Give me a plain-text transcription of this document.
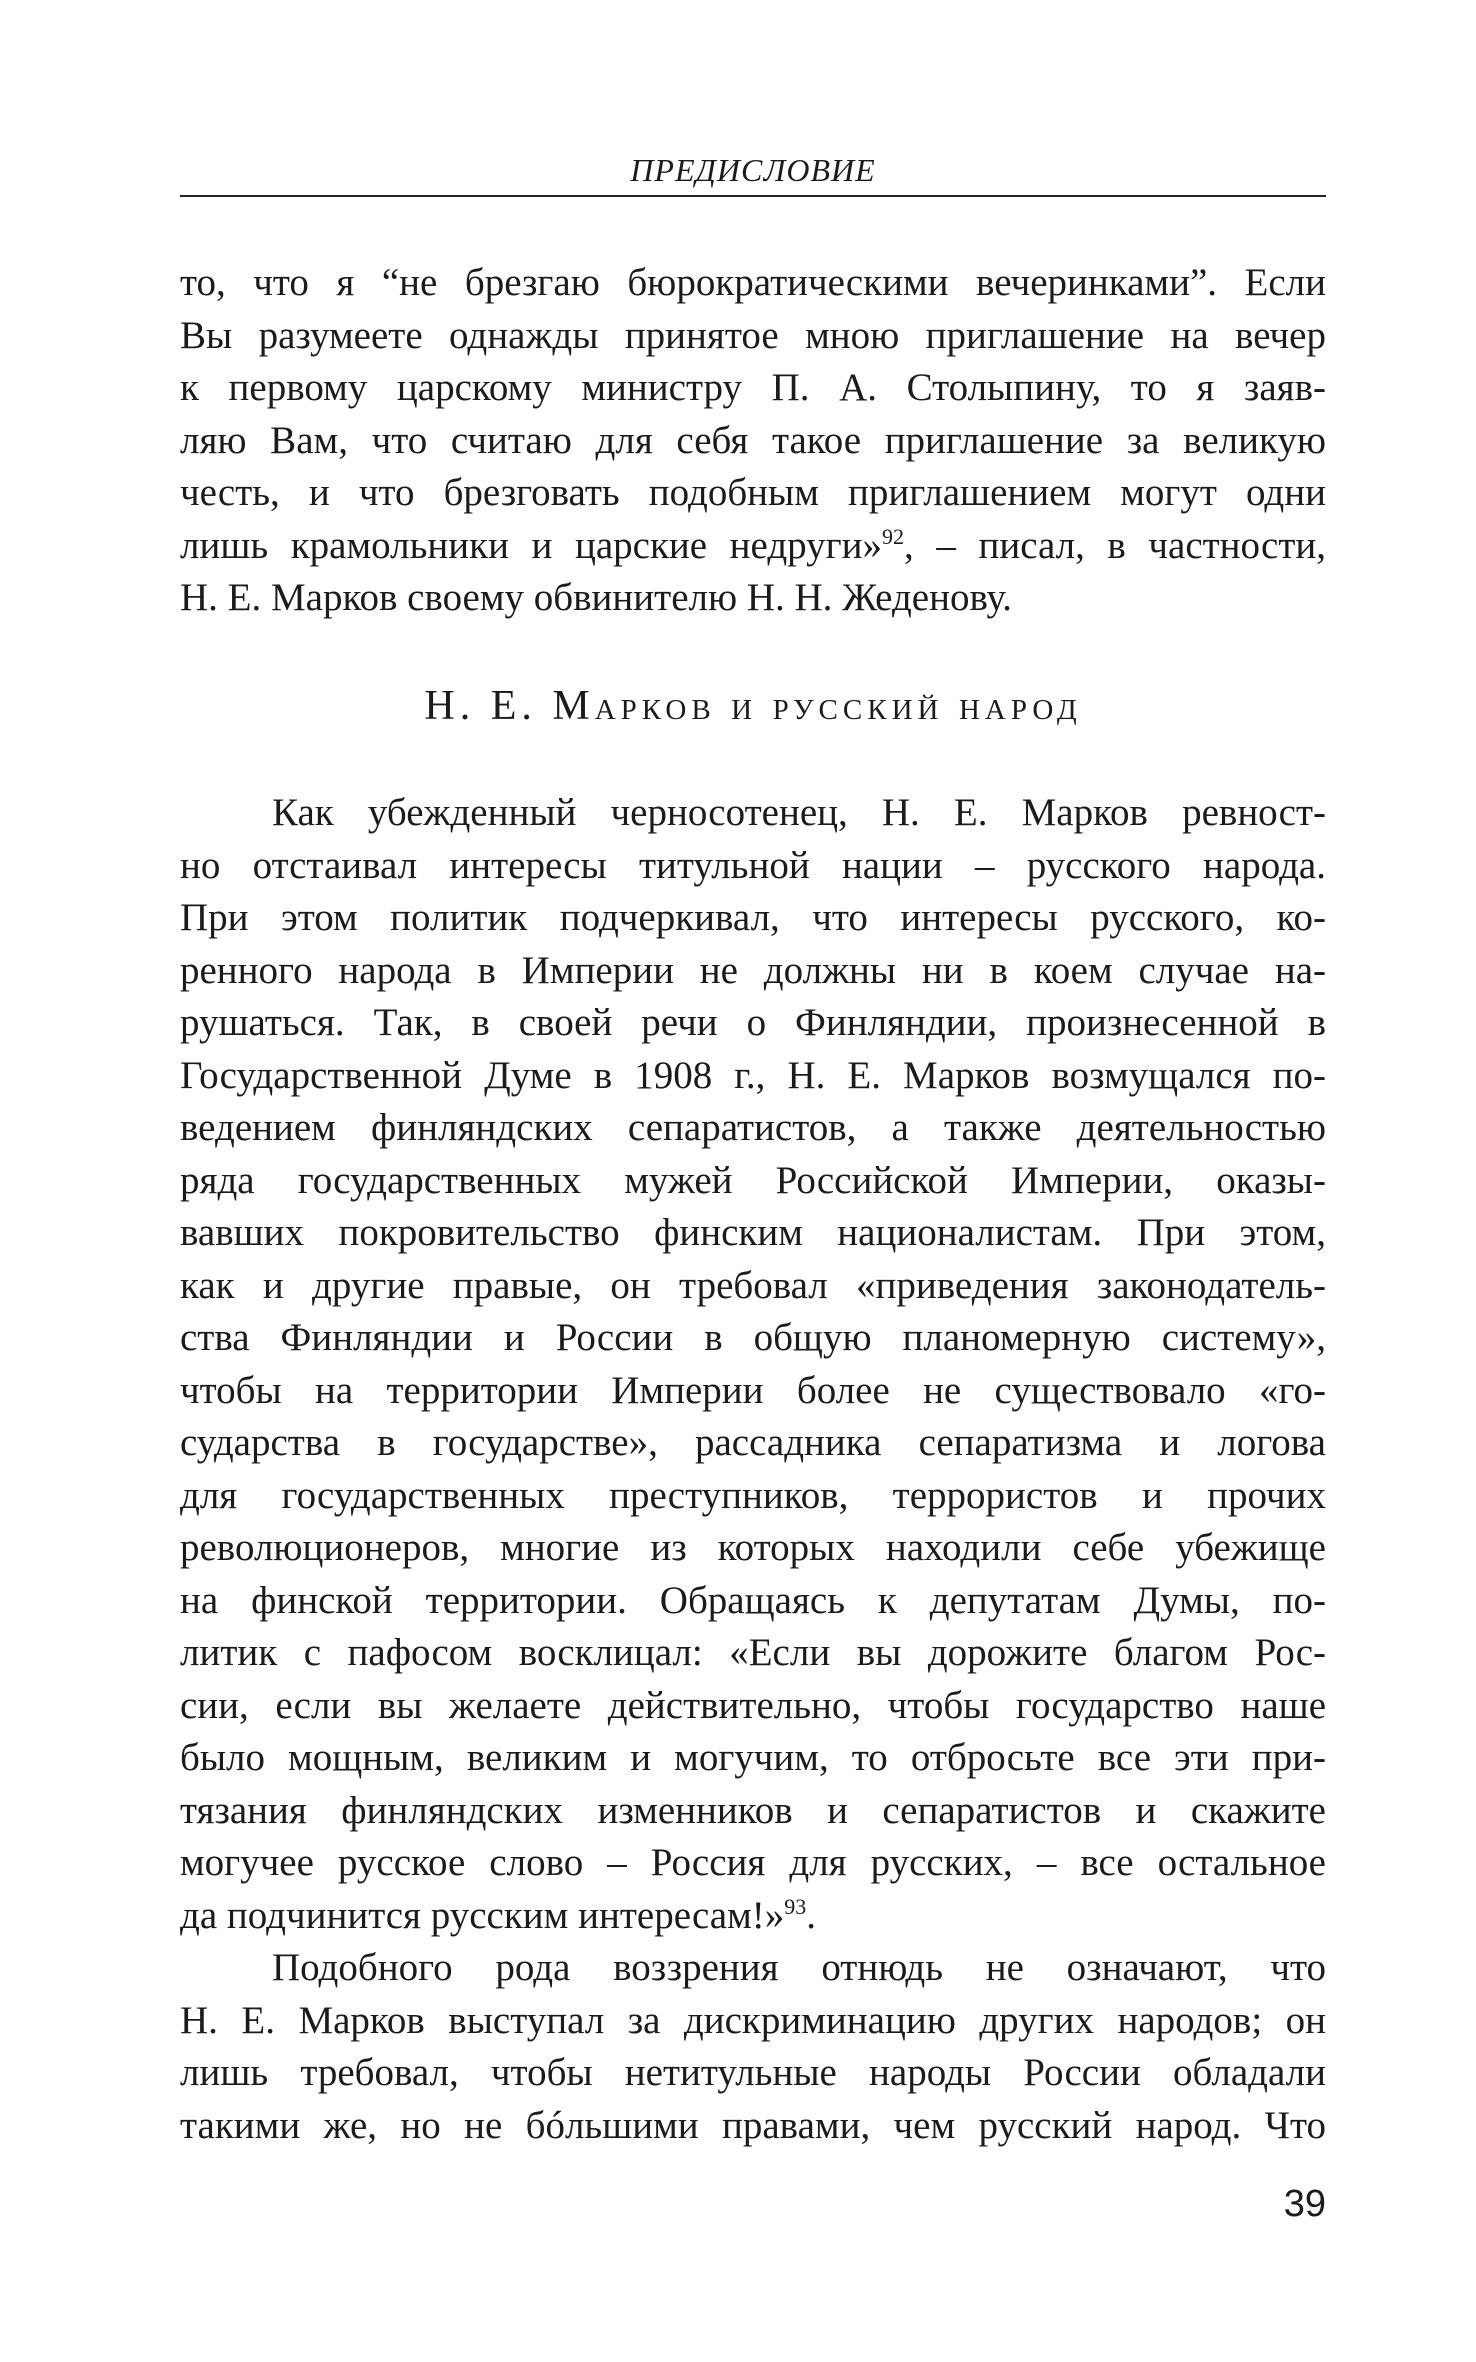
ПРЕДИСЛОВИЕ
то, что я “не брезгаю бюрократическими вечеринками”. Если
Вы разумеете однажды принятое мною приглашение на вечер
к первому царскому министру П. А. Столыпину, то я заяв-
ляю Вам, что считаю для себя такое приглашение за великую
честь, и что брезговать подобным приглашением могут одни
лишь крамольники и царские недруги»$^{92}$, – писал, в частности,
Н. Е. Марков своему обвинителю Н. Н. Жеденову.
Н. Е. Марков и русский народ
Как убежденный черносотенец, Н. Е. Марков ревност-
но отстаивал интересы титульной нации – русского народа.
При этом политик подчеркивал, что интересы русского, ко-
ренного народа в Империи не должны ни в коем случае на-
рушаться. Так, в своей речи о Финляндии, произнесенной в
Государственной Думе в 1908 г., Н. Е. Марков возмущался по-
ведением финляндских сепаратистов, а также деятельностью
ряда государственных мужей Российской Империи, оказы-
вавших покровительство финским националистам. При этом,
как и другие правые, он требовал «приведения законодатель-
ства Финляндии и России в общую планомерную систему»,
чтобы на территории Империи более не существовало «го-
сударства в государстве», рассадника сепаратизма и логова
для государственных преступников, террористов и прочих
революционеров, многие из которых находили себе убежище
на финской территории. Обращаясь к депутатам Думы, по-
литик с пафосом восклицал: «Если вы дорожите благом Рос-
сии, если вы желаете действительно, чтобы государство наше
было мощным, великим и могучим, то отбросьте все эти при-
тязания финляндских изменников и сепаратистов и скажите
могучее русское слово – Россия для русских, – все остальное
да подчинится русским интересам!»$^{93}$.
Подобного рода воззрения отнюдь не означают, что
Н. Е. Марков выступал за дискриминацию других народов; он
лишь требовал, чтобы нетитульные народы России обладали
такими же, но не бóльшими правами, чем русский народ. Что
39
